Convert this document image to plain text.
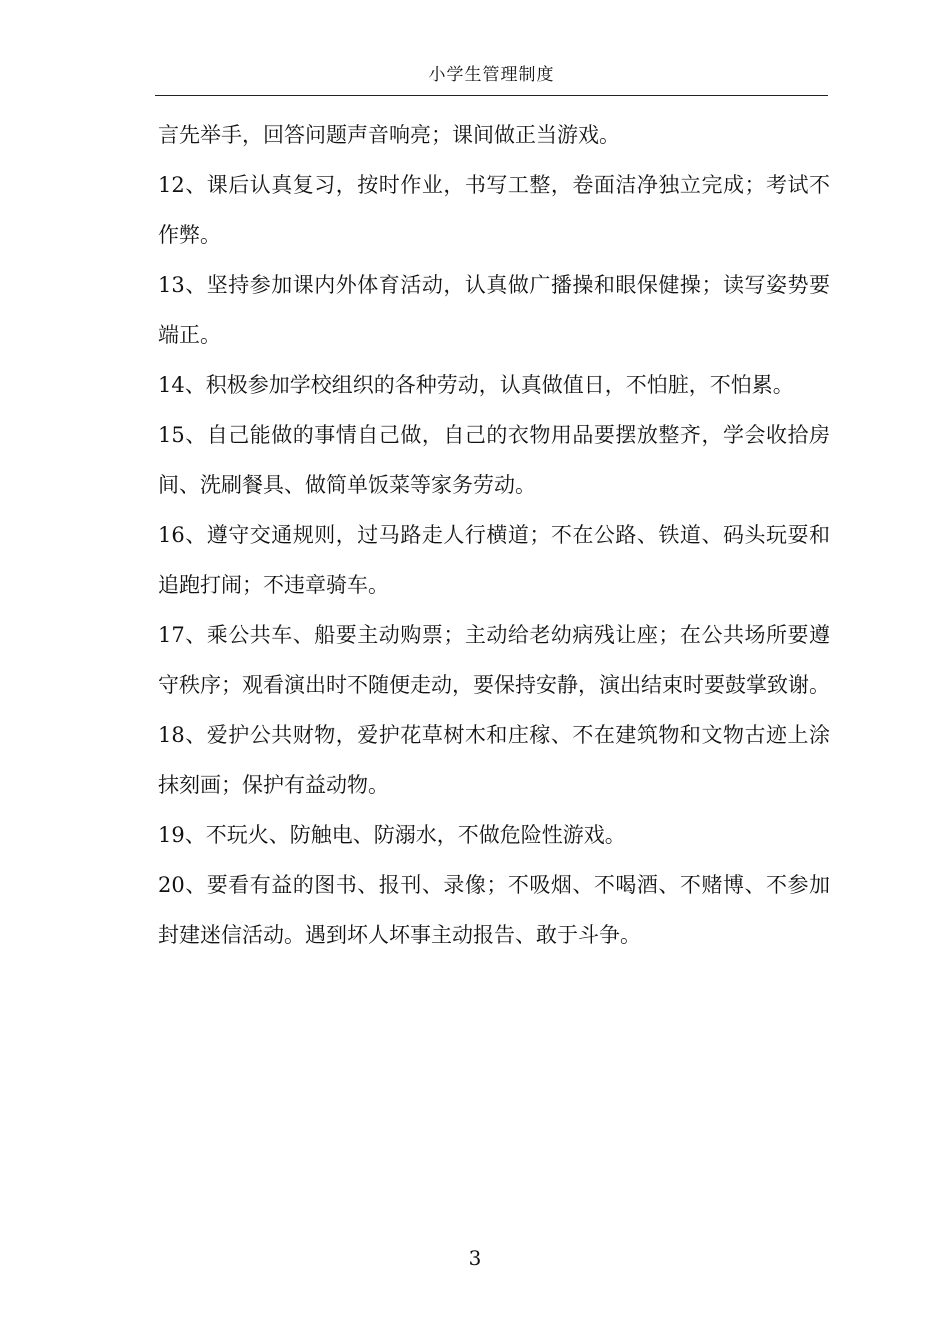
小学生管理制度

言先举手，回答问题声音响亮；课间做正当游戏。

12、课后认真复习，按时作业，书写工整，卷面洁净独立完成；考试不作弊。

13、坚持参加课内外体育活动，认真做广播操和眼保健操；读写姿势要端正。

14、积极参加学校组织的各种劳动，认真做值日，不怕脏，不怕累。

15、自己能做的事情自己做，自己的衣物用品要摆放整齐，学会收拾房间、洗刷餐具、做简单饭菜等家务劳动。

16、遵守交通规则，过马路走人行横道；不在公路、铁道、码头玩耍和追跑打闹；不违章骑车。

17、乘公共车、船要主动购票；主动给老幼病残让座；在公共场所要遵守秩序；观看演出时不随便走动，要保持安静，演出结束时要鼓掌致谢。

18、爱护公共财物，爱护花草树木和庄稼、不在建筑物和文物古迹上涂抹刻画；保护有益动物。

19、不玩火、防触电、防溺水，不做危险性游戏。

20、要看有益的图书、报刊、录像；不吸烟、不喝酒、不赌博、不参加封建迷信活动。遇到坏人坏事主动报告、敢于斗争。

3
